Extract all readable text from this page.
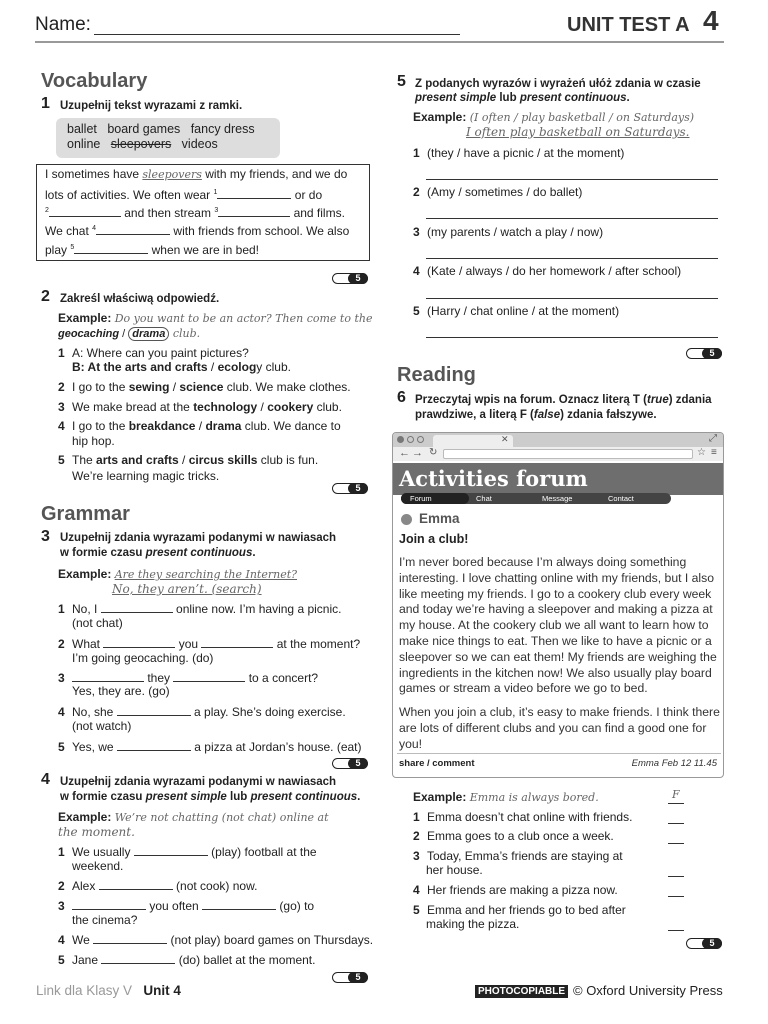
Name:	UNIT TEST A 4
Vocabulary
1 Uzupełnij tekst wyrazami z ramki.
ballet board games fancy dress
online sleepovers videos
I sometimes have sleepovers with my friends, and we do
lots of activities. We often wear $^1$	or do
$^2$	and then stream $^3$	and films.
We chat $^4$	with friends from school. We also
play $^5$	when we are in bed!
5
2 Zakreśl właściwą odpowiedź.
Example: Do you want to be an actor? Then come to the
geocaching / drama club.
1 A: Where can you paint pictures?
B: At the arts and crafts / ecology club.
2 I go to the sewing / science club. We make clothes.
3 We make bread at the technology / cookery club.
4 I go to the breakdance / drama club. We dance to
hip hop.
5 The arts and crafts / circus skills club is fun.
We’re learning magic tricks.
5
Grammar
3 Uzupełnij zdania wyrazami podanymi w nawiasach
w formie czasu present continuous.
Example: Are they searching the Internet?
No, they aren’t. (search)
1 No, I	online now. I’m having a picnic.
(not chat)
2 What	you	at the moment?
I’m going geocaching. (do)
3	they	to a concert?
Yes, they are. (go)
4 No, she	a play. She’s doing exercise.
(not watch)
5 Yes, we	a pizza at Jordan’s house. (eat)
5
4 Uzupełnij zdania wyrazami podanymi w nawiasach
w formie czasu present simple lub present continuous.
Example: We’re not chatting (not chat) online at
the moment.
1 We usually	(play) football at the
weekend.
2 Alex	(not cook) now.
3	you often	(go) to
the cinema?
4 We	(not play) board games on Thursdays.
5 Jane	(do) ballet at the moment.
5
5 Z podanych wyrazów i wyrażeń ułóż zdania w czasie
present simple lub present continuous.
Example: (I often / play basketball / on Saturdays)
I often play basketball on Saturdays.
1 (they / have a picnic / at the moment)
2 (Amy / sometimes / do ballet)
3 (my parents / watch a play / now)
4 (Kate / always / do her homework / after school)
5 (Harry / chat online / at the moment)
5
Reading
6 Przeczytaj wpis na forum. Oznacz literą T (true) zdania
prawdziwe, a literą F (false) zdania fałszywe.
✕	⤢
← → ↻	☆ ≡
Activities forum
Forum	Chat	Message	Contact
Emma
Join a club!
I’m never bored because I’m always doing something interesting. I love chatting online with my friends, but I also like meeting my friends. I go to a cookery club every week and today we’re having a sleepover and making a pizza at my house. At the cookery club we all want to learn how to make nice things to eat. Then we like to have a picnic or a sleepover so we can eat them! My friends are weighing the ingredients in the kitchen now! We also usually play board games or stream a video before we go to bed.
When you join a club, it’s easy to make friends. I think there are lots of different clubs and you can find a good one for you!
share / comment	Emma Feb 12 11.45
Example: Emma is always bored.	F
1 Emma doesn’t chat online with friends.
2 Emma goes to a club once a week.
3 Today, Emma’s friends are staying at
her house.
4 Her friends are making a pizza now.
5 Emma and her friends go to bed after
making the pizza.
5
Link dla Klasy V Unit 4	PHOTOCOPIABLE © Oxford University Press
